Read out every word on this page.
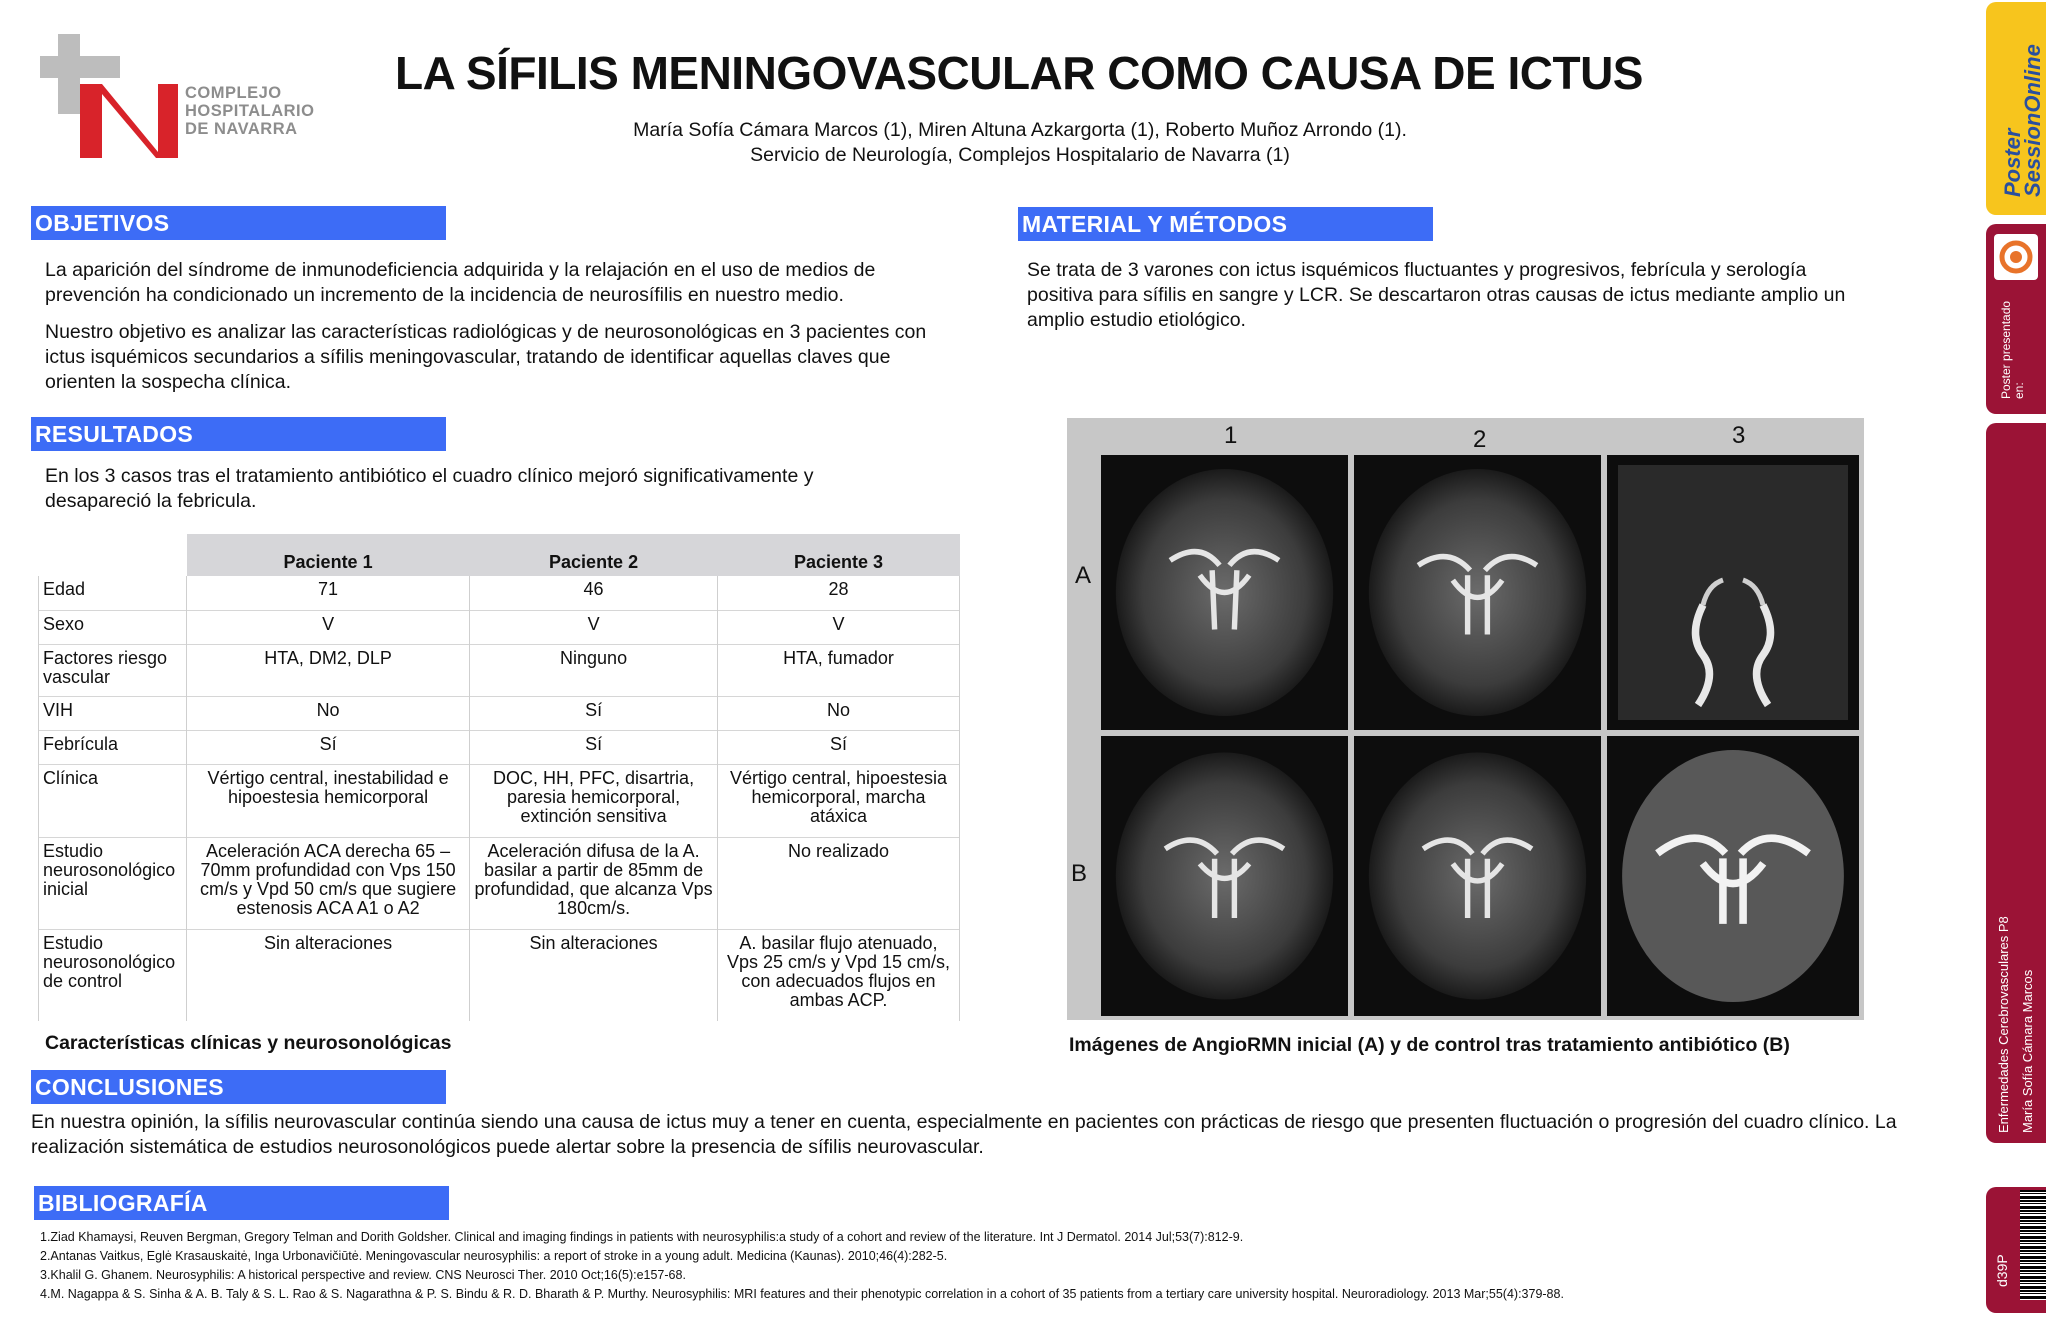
COMPLEJO
HOSPITALARIO
DE NAVARRA
LA SÍFILIS MENINGOVASCULAR COMO CAUSA DE ICTUS
María Sofía Cámara Marcos (1), Miren Altuna Azkargorta (1), Roberto Muñoz Arrondo (1).
Servicio de Neurología, Complejos Hospitalario de Navarra (1)
OBJETIVOS

La aparición del síndrome de inmunodeficiencia adquirida y la relajación en el uso de medios de prevención ha condicionado un incremento de la incidencia de neurosífilis en nuestro medio.

Nuestro objetivo es analizar las características radiológicas y de neurosonológicas en 3 pacientes con ictus isquémicos secundarios a sífilis meningovascular, tratando de identificar aquellas claves que orienten la sospecha clínica.

MATERIAL Y MÉTODOS

Se trata de 3 varones con ictus isquémicos fluctuantes y progresivos, febrícula y serología positiva para sífilis en sangre y LCR. Se descartaron otras causas de ictus mediante amplio un amplio estudio etiológico.

RESULTADOS

En los 3 casos tras el tratamiento antibiótico el cuadro clínico mejoró significativamente y desapareció la febricula.

	Paciente 1	Paciente 2	Paciente 3
Edad	71	46	28
Sexo	V	V	V
Factores riesgo vascular	HTA, DM2, DLP	Ninguno	HTA, fumador
VIH	No	Sí	No
Febrícula	Sí	Sí	Sí
Clínica	Vértigo central, inestabilidad e hipoestesia hemicorporal	DOC, HH, PFC, disartria, paresia hemicorporal, extinción sensitiva	Vértigo central, hipoestesia hemicorporal, marcha atáxica
Estudio neurosonológico inicial	Aceleración ACA derecha 65 – 70mm profundidad con Vps 150 cm/s y Vpd 50 cm/s que sugiere estenosis ACA A1 o A2	Aceleración difusa de la A. basilar a partir de 85mm de profundidad, que alcanza Vps 180cm/s.	No realizado
Estudio neurosonológico de control	Sin alteraciones	Sin alteraciones	A. basilar flujo atenuado, Vps 25 cm/s y Vpd 15 cm/s, con adecuados flujos en ambas ACP.
Características clínicas y neurosonológicas
1	2	3
A
B
Imágenes de AngioRMN inicial (A) y de control tras tratamiento antibiótico (B)
CONCLUSIONES

En nuestra opinión, la sífilis neurovascular continúa siendo una causa de ictus muy a tener en cuenta, especialmente en pacientes con prácticas de riesgo que presenten fluctuación o progresión del cuadro clínico. La realización sistemática de estudios neurosonológicos puede alertar sobre la presencia de sífilis neurovascular.

BIBLIOGRAFÍA
1.Ziad Khamaysi, Reuven Bergman, Gregory Telman and Dorith Goldsher. Clinical and imaging findings in patients with neurosyphilis:a study of a cohort and review of the literature. Int J Dermatol. 2014 Jul;53(7):812-9.
2.Antanas Vaitkus, Eglė Krasauskaitė, Inga Urbonavičiūtė. Meningovascular neurosyphilis: a report of stroke in a young adult. Medicina (Kaunas). 2010;46(4):282-5.
3.Khalil G. Ghanem. Neurosyphilis: A historical perspective and review. CNS Neurosci Ther. 2010 Oct;16(5):e157-68.
4.M. Nagappa & S. Sinha & A. B. Taly & S. L. Rao & S. Nagarathna & P. S. Bindu & R. D. Bharath & P. Murthy. Neurosyphilis: MRI features and their phenotypic correlation in a cohort of 35 patients from a tertiary care university hospital. Neuroradiology. 2013 Mar;55(4):379-88.
Poster
SessionOnline
Poster presentado en:
Enfermedades Cerebrovasculares P8 María Sofía Cámara Marcos
d39P
